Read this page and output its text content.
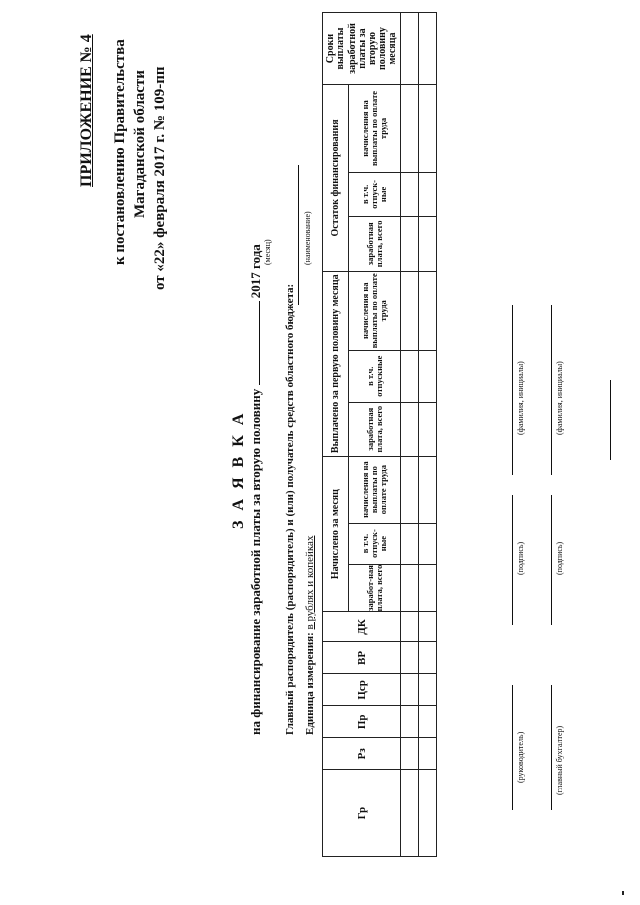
ПРИЛОЖЕНИЕ № 4 к постановлению Правительства Магаданской области от «22» февраля 2017 г. № 109-пп
З А Я В К А на финансирование заработной платы за вторую половину  2017 года (месяц)
Главный распорядитель (распорядитель) и (или) получатель средств областного бюджета:
(наименование)
Единица измерения: в рублях и копейках
Гр	Рз	Пр	Цср	ВР	ДК	Начислено за месяц			Выплачено за первую половину месяца			Остаток финансирования			Сроки выплаты заработной платы за вторую половину месяца

						заработ-ная плата, всего	в т.ч. отпуск-ные	начисления на выплаты по оплате труда	заработная плата, всего	в т.ч. отпускные	начисления на выплаты по оплате труда	заработная плата, всего	в т.ч. отпуск-ные	начисления на выплаты по оплате труда	

(руководитель)
(подпись)
(фамилия, инициалы)
(главный бухгалтер)
(подпись)
(фамилия, инициалы)
